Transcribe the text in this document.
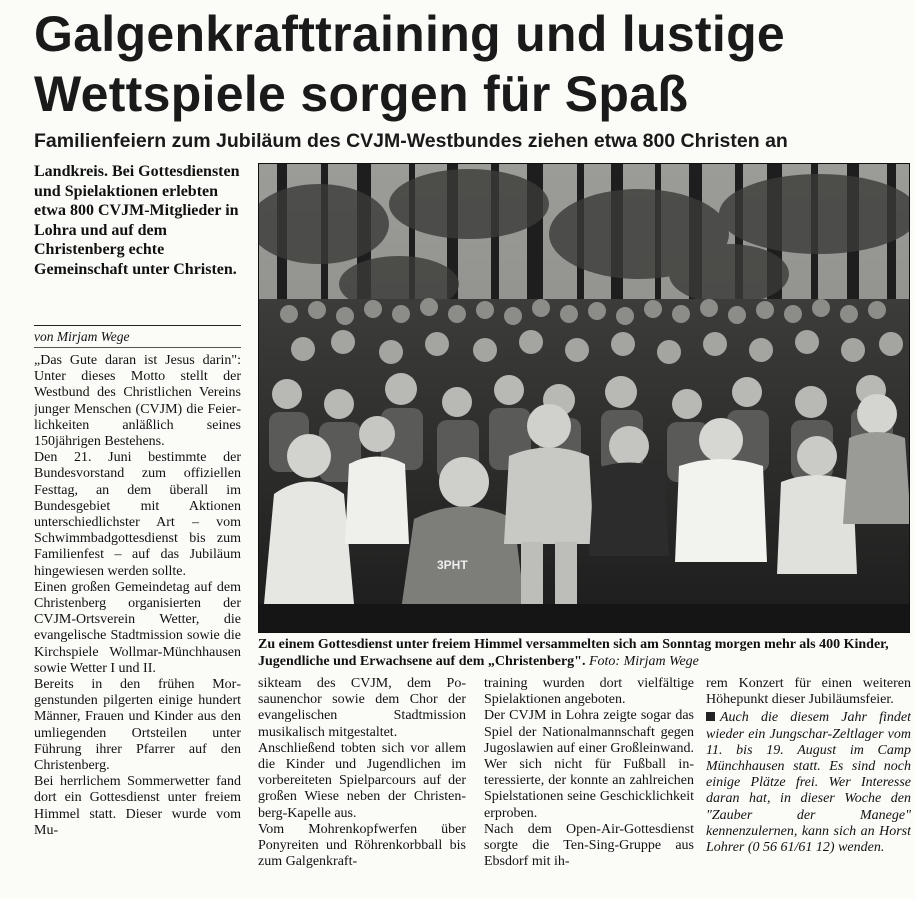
Galgenkrafttraining und lustige
Wettspiele sorgen für Spaß
Familienfeiern zum Jubiläum des CVJM-Westbundes ziehen etwa 800 Christen an
Landkreis. Bei Gottesdiensten und Spielaktionen erlebten etwa 800 CVJM-Mitglieder in Lohra und auf dem Christenberg echte Gemeinschaft unter Christen.
von Mirjam Wege

„Das Gute daran ist Jesus darin": Unter dieses Motto stellt der Westbund des Christlichen Vereins junger Menschen (CVJM) die Feierlichkeiten anläßlich seines 150jährigen Bestehens.

Den 21. Juni bestimmte der Bundesvorstand zum offiziellen Festtag, an dem überall im Bundesgebiet mit Aktionen unterschiedlichster Art – vom Schwimmbadgottesdienst bis zum Familienfest – auf das Jubiläum hingewiesen werden sollte.

Einen großen Gemeindetag auf dem Christenberg organisierten der CVJM-Ortsverein Wetter, die evangelische Stadtmission sowie die Kirchspiele Wollmar-Münchhausen sowie Wetter I und II.

Bereits in den frühen Morgenstunden pilgerten einige hundert Männer, Frauen und Kinder aus den umliegenden Ortsteilen unter Führung ihrer Pfarrer auf den Christenberg.

Bei herrlichem Sommerwetter fand dort ein Gottesdienst unter freiem Himmel statt. Dieser wurde vom Mu-

3PHT
Zu einem Gottesdienst unter freiem Himmel versammelten sich am Sonntag morgen mehr als 400 Kinder, Jugendliche und Erwachsene auf dem „Christenberg". Foto: Mirjam Wege

sikteam des CVJM, dem Posaunenchor sowie dem Chor der evangelischen Stadtmission musikalisch mitgestaltet.

Anschließend tobten sich vor allem die Kinder und Jugendlichen im vorbereiteten Spielparcours auf der großen Wiese neben der Christenberg-Kapelle aus.

Vom Mohrenkopfwerfen über Ponyreiten und Röhrenkorbball bis zum Galgenkraft-

training wurden dort vielfältige Spielaktionen angeboten.

Der CVJM in Lohra zeigte sogar das Spiel der Nationalmannschaft gegen Jugoslawien auf einer Großleinwand. Wer sich nicht für Fußball interessierte, der konnte an zahlreichen Spielstationen seine Geschicklichkeit erproben.

Nach dem Open-Air-Gottesdienst sorgte die Ten-Sing-Gruppe aus Ebsdorf mit ih-

rem Konzert für einen weiteren Höhepunkt dieser Jubiläumsfeier.

Auch die diesem Jahr findet wieder ein Jungschar-Zeltlager vom 11. bis 19. August im Camp Münchhausen statt. Es sind noch einige Plätze frei. Wer Interesse daran hat, in dieser Woche den "Zauber der Manege" kennenzulernen, kann sich an Horst Lohrer (0 56 61/61 12) wenden.
